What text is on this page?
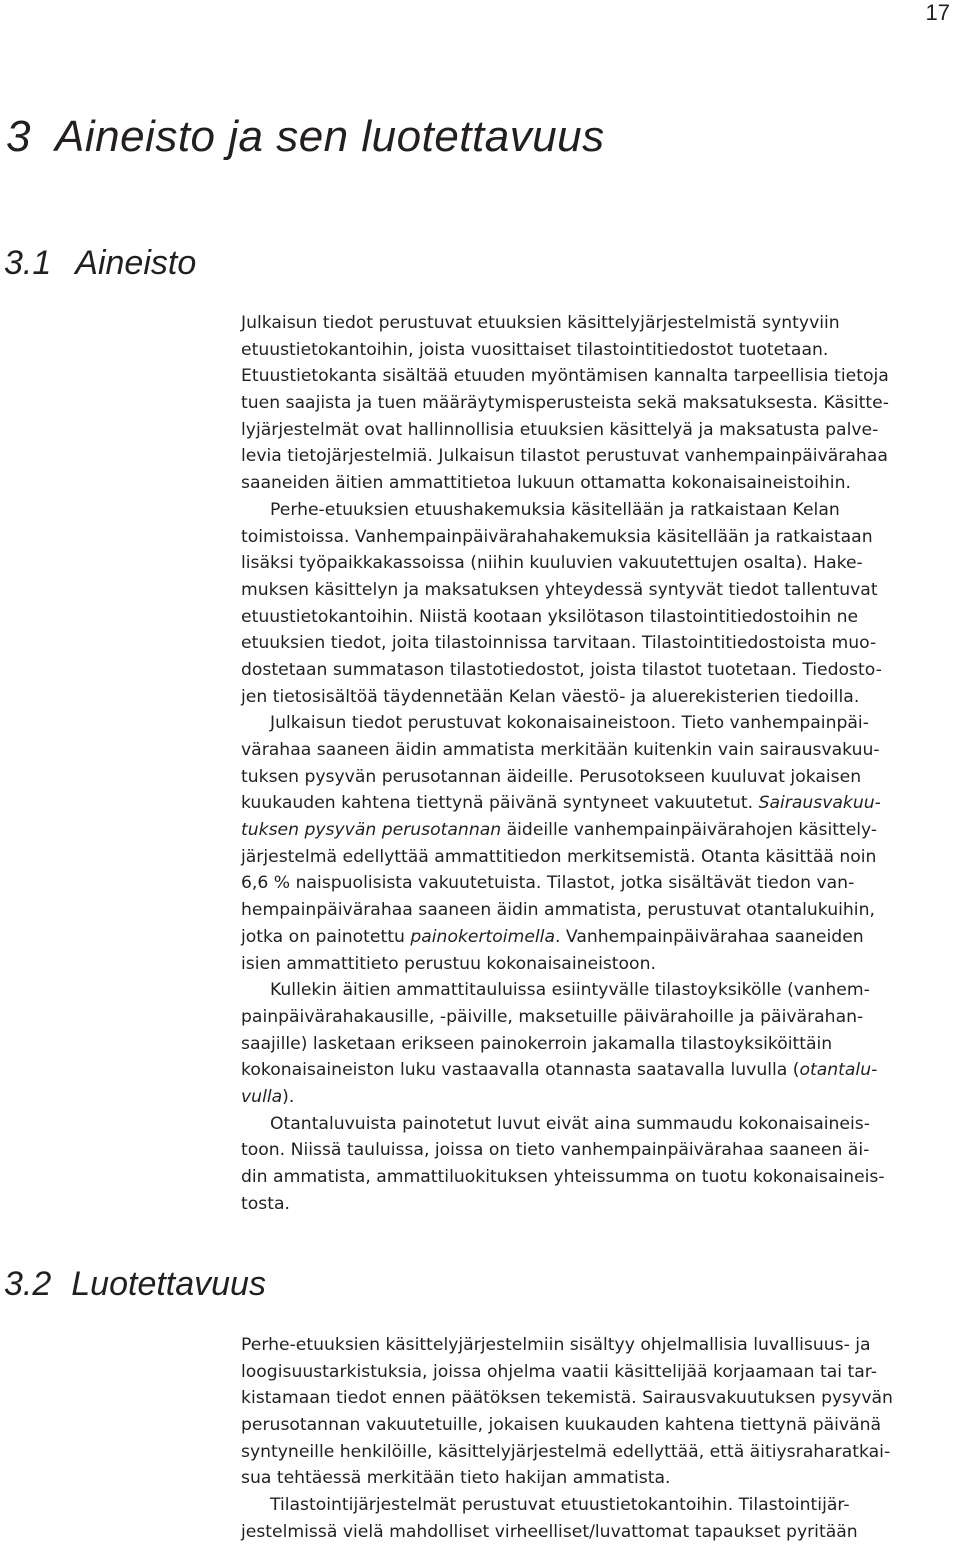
17
3 Aineisto ja sen luotettavuus
3.1 Aineisto
Julkaisun tiedot perustuvat etuuksien käsittelyjärjestelmistä syntyviin
etuustietokantoihin, joista vuosittaiset tilastointitiedostot tuotetaan.
Etuustietokanta sisältää etuuden myöntämisen kannalta tarpeellisia tietoja
tuen saajista ja tuen määräytymisperusteista sekä maksatuksesta. Käsitte-
lyjärjestelmät ovat hallinnollisia etuuksien käsittelyä ja maksatusta palve-
levia tietojärjestelmiä. Julkaisun tilastot perustuvat vanhempainpäivärahaa
saaneiden äitien ammattitietoa lukuun ottamatta kokonaisaineistoihin.
Perhe-etuuksien etuushakemuksia käsitellään ja ratkaistaan Kelan
toimistoissa. Vanhempainpäivärahahakemuksia käsitellään ja ratkaistaan
lisäksi työpaikkakassoissa (niihin kuuluvien vakuutettujen osalta). Hake-
muksen käsittelyn ja maksatuksen yhteydessä syntyvät tiedot tallentuvat
etuustietokantoihin. Niistä kootaan yksilötason tilastointitiedostoihin ne
etuuksien tiedot, joita tilastoinnissa tarvitaan. Tilastointitiedostoista muo-
dostetaan summatason tilastotiedostot, joista tilastot tuotetaan. Tiedosto-
jen tietosisältöä täydennetään Kelan väestö- ja aluerekisterien tiedoilla.
Julkaisun tiedot perustuvat kokonaisaineistoon. Tieto vanhempainpäi-
värahaa saaneen äidin ammatista merkitään kuitenkin vain sairausvakuu-
tuksen pysyvän perusotannan äideille. Perusotokseen kuuluvat jokaisen
kuukauden kahtena tiettynä päivänä syntyneet vakuutetut. Sairausvakuu-
tuksen pysyvän perusotannan äideille vanhempainpäivärahojen käsittely-
järjestelmä edellyttää ammattitiedon merkitsemistä. Otanta käsittää noin
6,6 % naispuolisista vakuutetuista. Tilastot, jotka sisältävät tiedon van-
hempainpäivärahaa saaneen äidin ammatista, perustuvat otantalukuihin,
jotka on painotettu painokertoimella. Vanhempainpäivärahaa saaneiden
isien ammattitieto perustuu kokonaisaineistoon.
Kullekin äitien ammattitauluissa esiintyvälle tilastoyksikölle (vanhem-
painpäivärahakausille, -päiville, maksetuille päivärahoille ja päivärahan-
saajille) lasketaan erikseen painokerroin jakamalla tilastoyksiköittäin
kokonaisaineiston luku vastaavalla otannasta saatavalla luvulla (otantalu-
vulla).
Otantaluvuista painotetut luvut eivät aina summaudu kokonaisaineis-
toon. Niissä tauluissa, joissa on tieto vanhempainpäivärahaa saaneen äi-
din ammatista, ammattiluokituksen yhteissumma on tuotu kokonaisaineis-
tosta.
3.2 Luotettavuus
Perhe-etuuksien käsittelyjärjestelmiin sisältyy ohjelmallisia luvallisuus- ja
loogisuustarkistuksia, joissa ohjelma vaatii käsittelijää korjaamaan tai tar-
kistamaan tiedot ennen päätöksen tekemistä. Sairausvakuutuksen pysyvän
perusotannan vakuutetuille, jokaisen kuukauden kahtena tiettynä päivänä
syntyneille henkilöille, käsittelyjärjestelmä edellyttää, että äitiysraharatkai-
sua tehtäessä merkitään tieto hakijan ammatista.
Tilastointijärjestelmät perustuvat etuustietokantoihin. Tilastointijär-
jestelmissä vielä mahdolliset virheelliset/luvattomat tapaukset pyritään
